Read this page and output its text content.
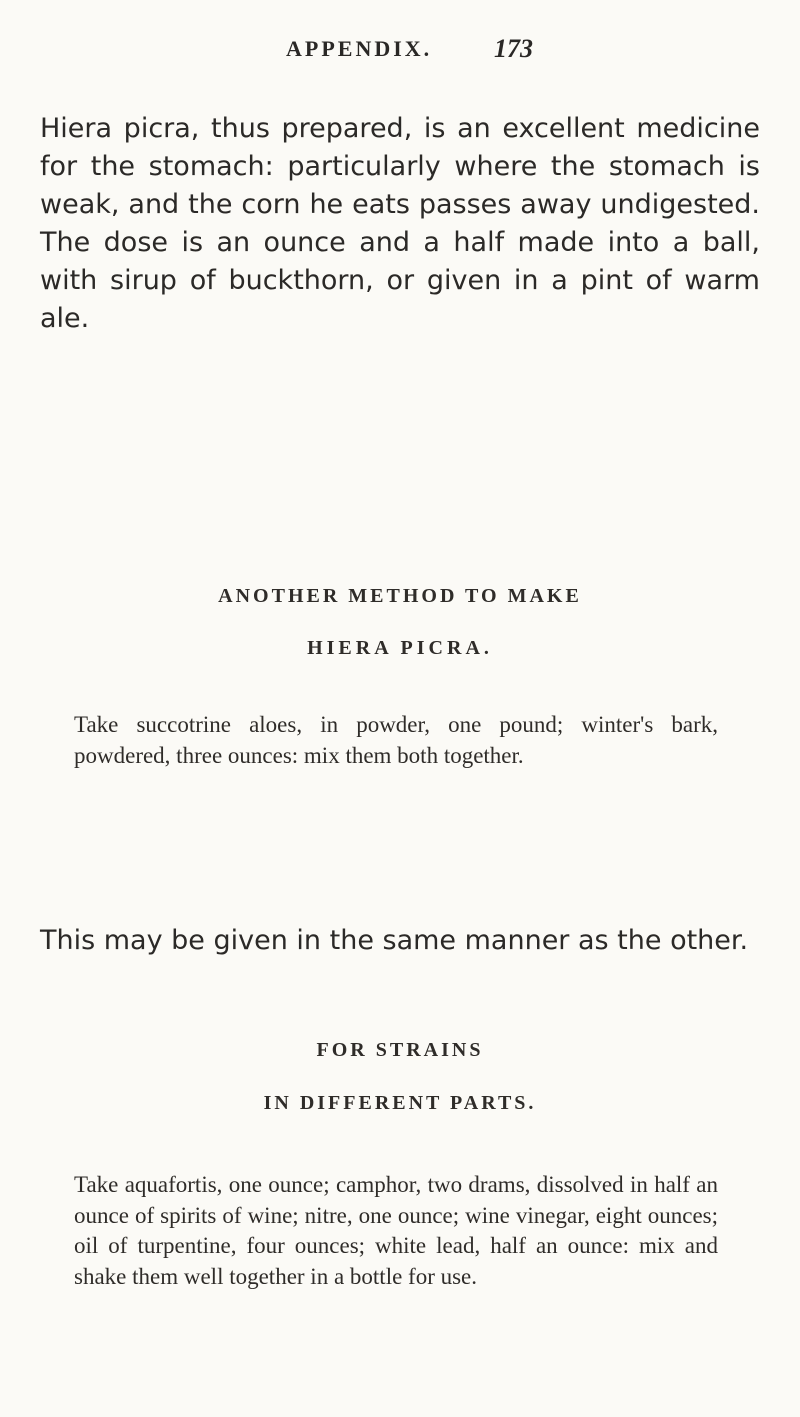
APPENDIX. 173

Hiera picra, thus prepared, is an excellent medicine for the stomach: particularly where the stomach is weak, and the corn he eats passes away undigested. The dose is an ounce and a half made into a ball, with sirup of buckthorn, or given in a pint of warm ale.

ANOTHER METHOD TO MAKE
HIERA PICRA.

Take succotrine aloes, in powder, one pound; winter's bark, powdered, three ounces: mix them both together.

This may be given in the same manner as the other.

FOR STRAINS
IN DIFFERENT PARTS.

Take aquafortis, one ounce; camphor, two drams, dissolved in half an ounce of spirits of wine; nitre, one ounce; wine vinegar, eight ounces; oil of turpentine, four ounces; white lead, half an ounce: mix and shake them well together in a bottle for use.
